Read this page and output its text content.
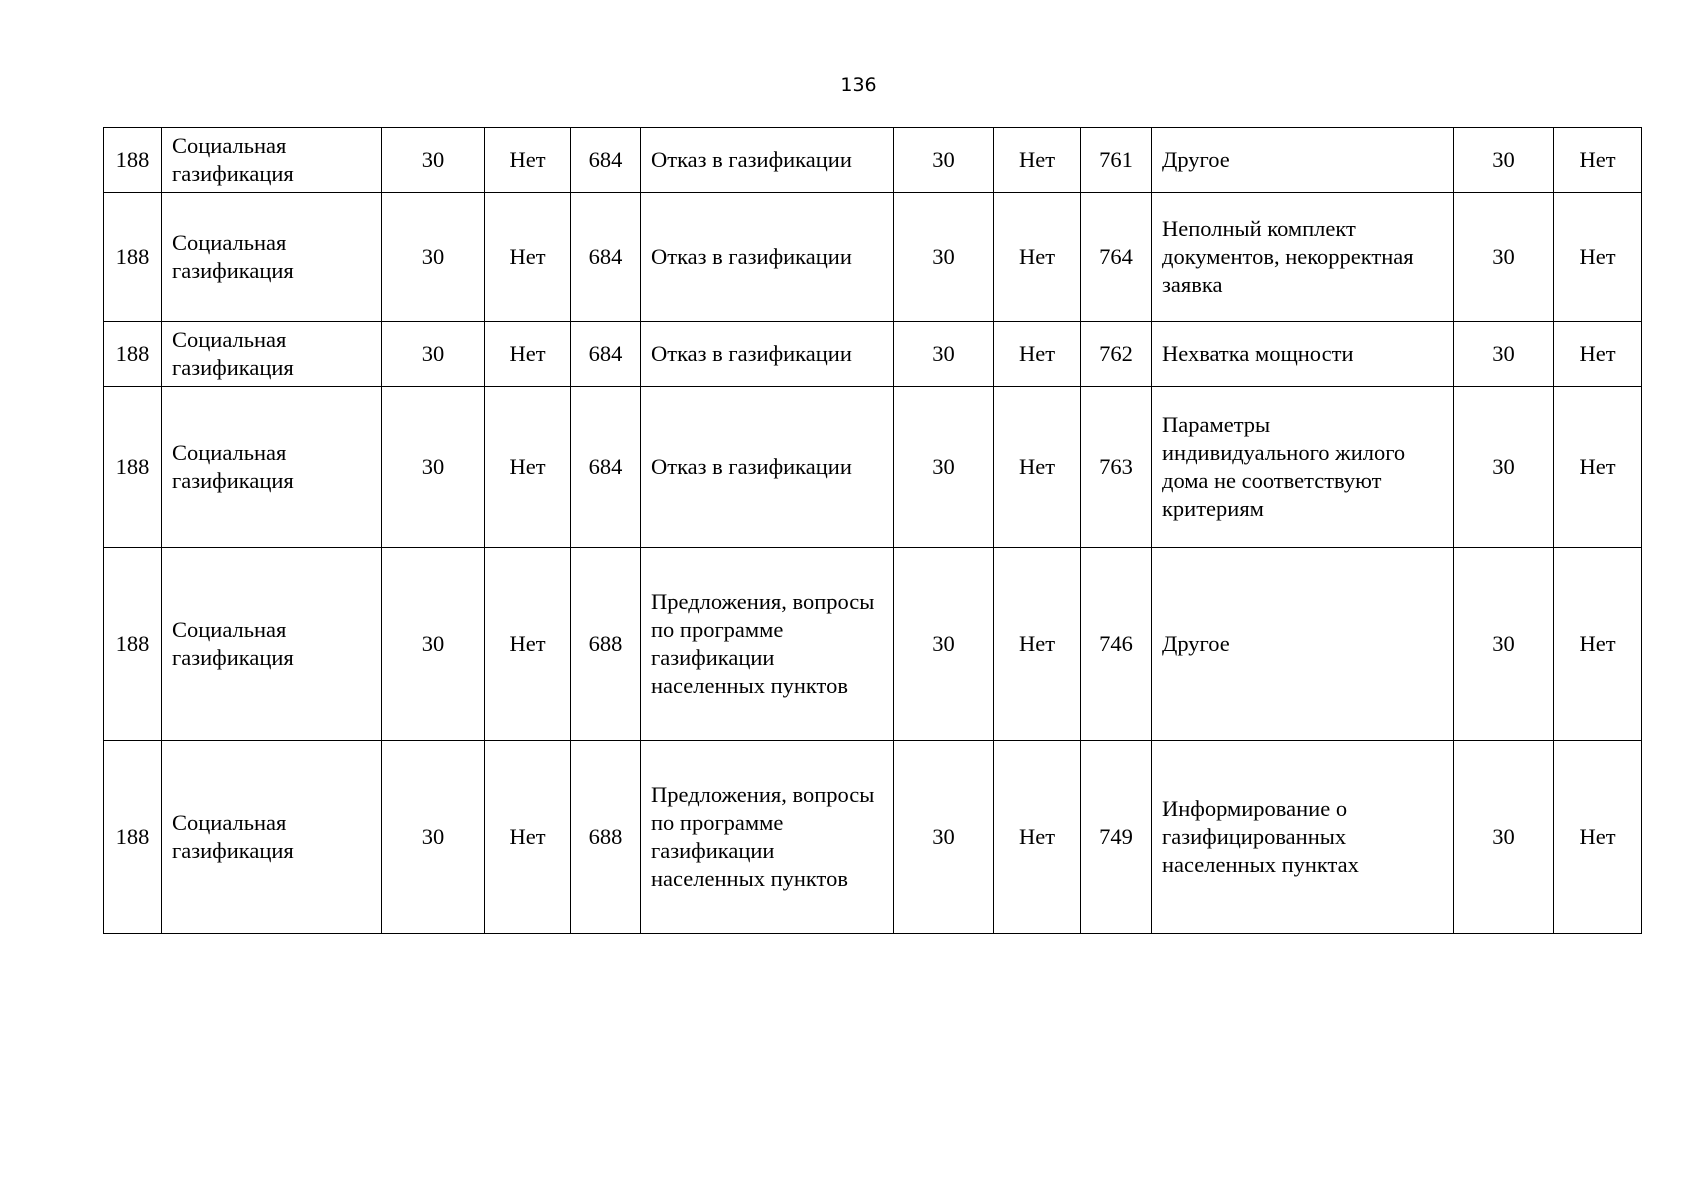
136
188	Социальная газификация	30	Нет	684	Отказ в газификации	30	Нет	761	Другое	30	Нет
188	Социальная газификация	30	Нет	684	Отказ в газификации	30	Нет	764	Неполный комплект документов, некорректная заявка	30	Нет
188	Социальная газификация	30	Нет	684	Отказ в газификации	30	Нет	762	Нехватка мощности	30	Нет
188	Социальная газификация	30	Нет	684	Отказ в газификации	30	Нет	763	Параметры индивидуального жилого дома не соответствуют критериям	30	Нет
188	Социальная газификация	30	Нет	688	Предложения, вопросы по программе газификации населенных пунктов	30	Нет	746	Другое	30	Нет
188	Социальная газификация	30	Нет	688	Предложения, вопросы по программе газификации населенных пунктов	30	Нет	749	Информирование о газифицированных населенных пунктах	30	Нет
